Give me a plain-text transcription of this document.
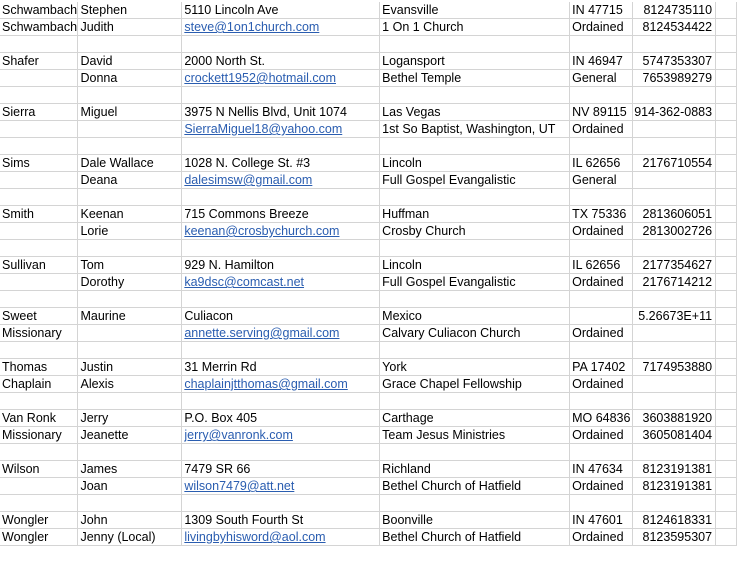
Schwambach	Stephen	5110 Lincoln Ave	Evansville	IN 47715	8124735110	
Schwambach	Judith	steve@1on1church.com	1 On 1 Church	Ordained	8124534422	

Shafer	David	2000 North St.	Logansport	IN 46947	5747353307	
	Donna	crockett1952@hotmail.com	Bethel Temple	General	7653989279	

Sierra	Miguel	3975 N Nellis Blvd, Unit 1074	Las Vegas	NV 89115	914-362-0883	
		SierraMiguel18@yahoo.com	1st So Baptist, Washington, UT	Ordained		

Sims	Dale Wallace	1028 N. College St. #3	Lincoln	IL 62656	2176710554	
	Deana	dalesimsw@gmail.com	Full Gospel Evangalistic	General		

Smith	Keenan	715 Commons Breeze	Huffman	TX 75336	2813606051	
	Lorie	keenan@crosbychurch.com	Crosby Church	Ordained	2813002726	

Sullivan	Tom	929 N. Hamilton	Lincoln	IL 62656	2177354627	
	Dorothy	ka9dsc@comcast.net	Full Gospel Evangalistic	Ordained	2176714212	

Sweet	Maurine	Culiacon	Mexico		5.26673E+11	
Missionary		annette.serving@gmail.com	Calvary Culiacon Church	Ordained		

Thomas	Justin	31 Merrin Rd	York	PA 17402	7174953880	
Chaplain	Alexis	chaplainjtthomas@gmail.com	Grace Chapel Fellowship	Ordained		

Van Ronk	Jerry	P.O. Box 405	Carthage	MO 64836	3603881920	
Missionary	Jeanette	jerry@vanronk.com	Team Jesus Ministries	Ordained	3605081404	

Wilson	James	7479 SR 66	Richland	IN 47634	8123191381	
	Joan	wilson7479@att.net	Bethel Church of Hatfield	Ordained	8123191381	

Wongler	John	1309 South Fourth St	Boonville	IN 47601	8124618331	
Wongler	Jenny (Local)	livingbyhisword@aol.com	Bethel Church of Hatfield	Ordained	8123595307	
